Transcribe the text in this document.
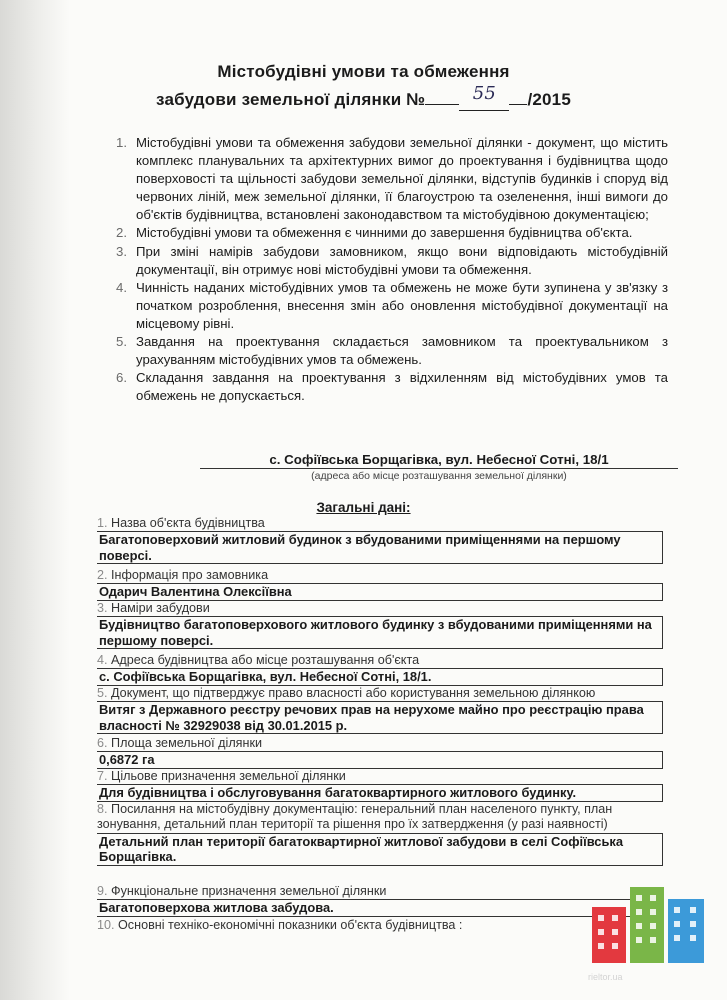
Містобудівні умови та обмеження
забудови земельної ділянки №	55 /2015
1. Містобудівні умови та обмеження забудови земельної ділянки - документ, що містить комплекс планувальних та архітектурних вимог до проектування і будівництва щодо поверховості та щільності забудови земельної ділянки, відступів будинків і споруд від червоних ліній, меж земельної ділянки, її благоустрою та озеленення, інші вимоги до об'єктів будівництва, встановлені законодавством та містобудівною документацією;
2. Містобудівні умови та обмеження є чинними до завершення будівництва об'єкта.
3. При зміні намірів забудови замовником, якщо вони відповідають містобудівній документації, він отримує нові містобудівні умови та обмеження.
4. Чинність наданих містобудівних умов та обмежень не може бути зупинена у зв'язку з початком розроблення, внесення змін або оновлення містобудівної документації на місцевому рівні.
5. Завдання на проектування складається замовником та проектувальником з урахуванням містобудівних умов та обмежень.
6. Складання завдання на проектування з відхиленням від містобудівних умов та обмежень не допускається.
с. Софіївська Борщагівка, вул. Небесної Сотні, 18/1
(адреса або місце розташування земельної ділянки)
Загальні дані:
1. Назва об'єкта будівництва
Багатоповерховий житловий будинок з вбудованими приміщеннями на першому поверсі.
2. Інформація про замовника
Одарич Валентина Олексіївна
3. Наміри забудови
Будівництво багатоповерхового житлового будинку з вбудованими приміщеннями на першому поверсі.
4. Адреса будівництва або місце розташування об'єкта
с. Софіївська Борщагівка, вул. Небесної Сотні, 18/1.
5. Документ, що підтверджує право власності або користування земельною ділянкою
Витяг з Державного реєстру речових прав на нерухоме майно про реєстрацію права власності № 32929038 від 30.01.2015 р.
6. Площа земельної ділянки
0,6872 га
7. Цільове призначення земельної ділянки
Для будівництва і обслуговування багатоквартирного житлового будинку.
8. Посилання на містобудівну документацію: генеральний план населеного пункту, план зонування, детальний план території та рішення про їх затвердження (у разі наявності)
Детальний план території багатоквартирної житлової забудови в селі Софіївська Борщагівка.
9. Функціональне призначення земельної ділянки
Багатоповерхова житлова забудова.
10. Основні техніко-економічні показники об'єкта будівництва :
rieltor.ua
